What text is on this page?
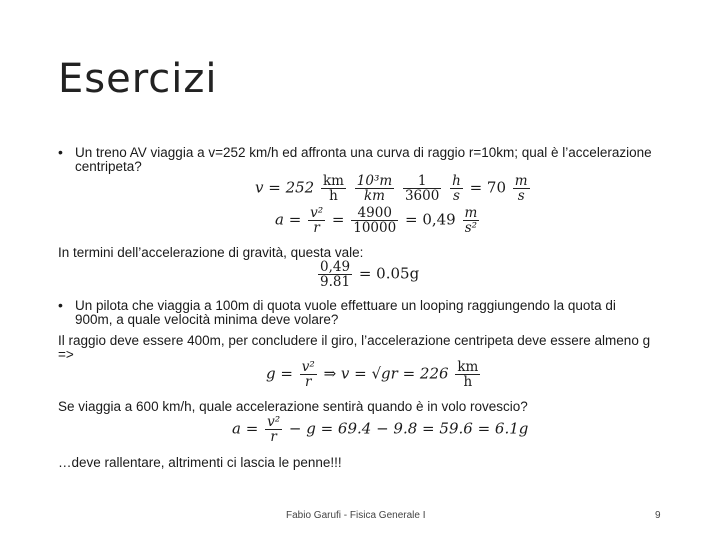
Esercizi
• Un treno AV viaggia a v=252 km/h ed affronta una curva di raggio r=10km; qual è l’accelerazione
centripeta?
$v = 252 \frac{km}{h}$
$\frac{\text{10³m}}{km}$
$\frac{1}{3600}$
$\frac{h}{s} = 70 \frac{m}{s}$
$a = \frac{\text{v²}}{r} = \frac{4900}{10000} = 0,49 \frac{m}{\text{s²}}$
In termini dell’accelerazione di gravità, questa vale:
$\frac{0,49}{9.81} = 0.05g$
• Un pilota che viaggia a 100m di quota vuole effettuare un looping raggiungendo la quota di
900m, a quale velocità minima deve volare?
Il raggio deve essere 400m, per concludere il giro, l’accelerazione centripeta deve essere almeno g
=>
$g = \frac{\text{v²}}{r}$ ⇒ $v = √gr = 226 \frac{km}{h}$
Se viaggia a 600 km/h, quale accelerazione sentirà quando è in volo rovescio?
$a = \frac{\text{v²}}{r} - g = 69.4 - 9.8 = 59.6 = 6.1g$
…deve rallentare, altrimenti ci lascia le penne!!!
Fabio Garufi - Fisica Generale I	9
